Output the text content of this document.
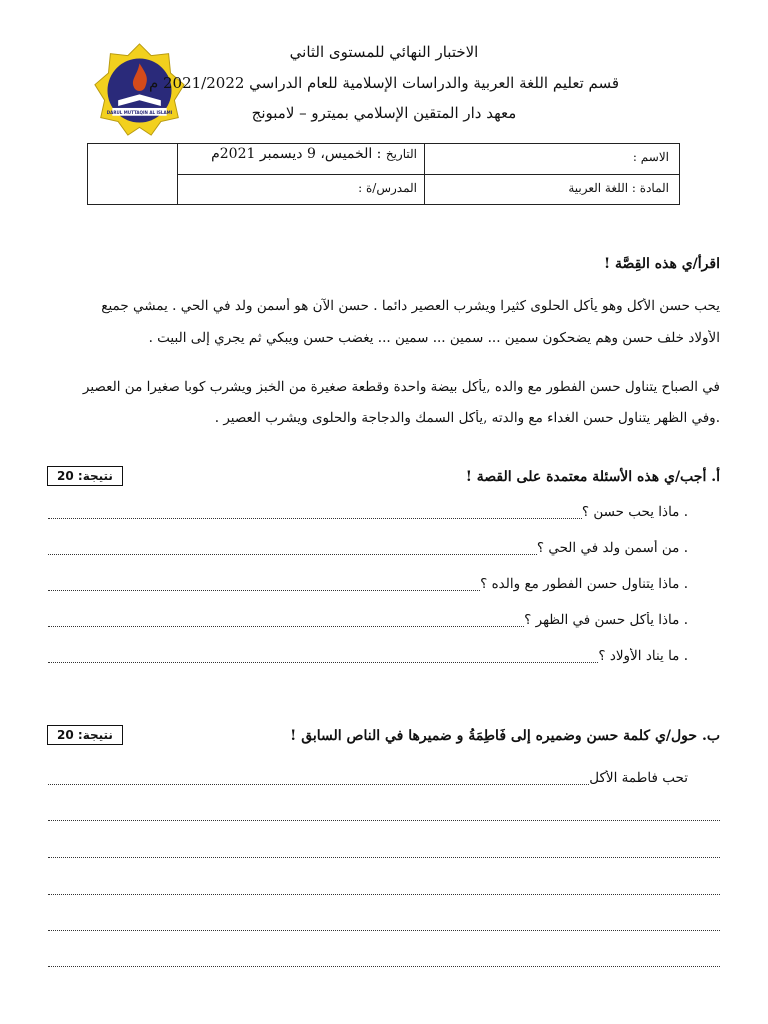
DARUL MUTTAQIN AL ISLAMI
الاختبار النهائي للمستوى الثاني
قسم تعليم اللغة العربية والدراسات الإسلامية للعام الدراسي 2021/2022 م
معهد دار المتقين الإسلامي بميترو – لامبونج
الاسم :
التاريخ : الخميس، 9 ديسمبر 2021م
المادة : اللغة العربية
المدرس/ة :
اقرأ/ي هذه القِصَّة !
يحب حسن الأكل وهو يأكل الحلوى كثيرا ويشرب العصير دائما . حسن الآن هو أسمن ولد في الحي . يمشي جميع
الأولاد خلف حسن وهم يضحكون سمين ... سمين ... سمين ... يغضب حسن ويبكي ثم يجري إلى البيت .
في الصباح يتناول حسن الفطور مع والده ,يأكل بيضة واحدة وقطعة صغيرة من الخبز ويشرب كوبا صغيرا من العصير
.وفي الظهر يتناول حسن الغداء مع والدته ,يأكل السمك والدجاجة والحلوى ويشرب العصير .
أ. أجب/ي هذه الأسئلة معتمدة على القصة !
نتيجة: 20
. ماذا يحب حسن ؟
. من أسمن ولد في الحي ؟
. ماذا يتناول حسن الفطور مع والده ؟
. ماذا يأكل حسن في الظهر ؟
. ما يناد الأولاد ؟
ب. حول/ي كلمة حسن وضميره إلى فَاطِمَةُ و ضميرها في الناص السابق !
نتيجة: 20
تحب فاطمة الأكل
